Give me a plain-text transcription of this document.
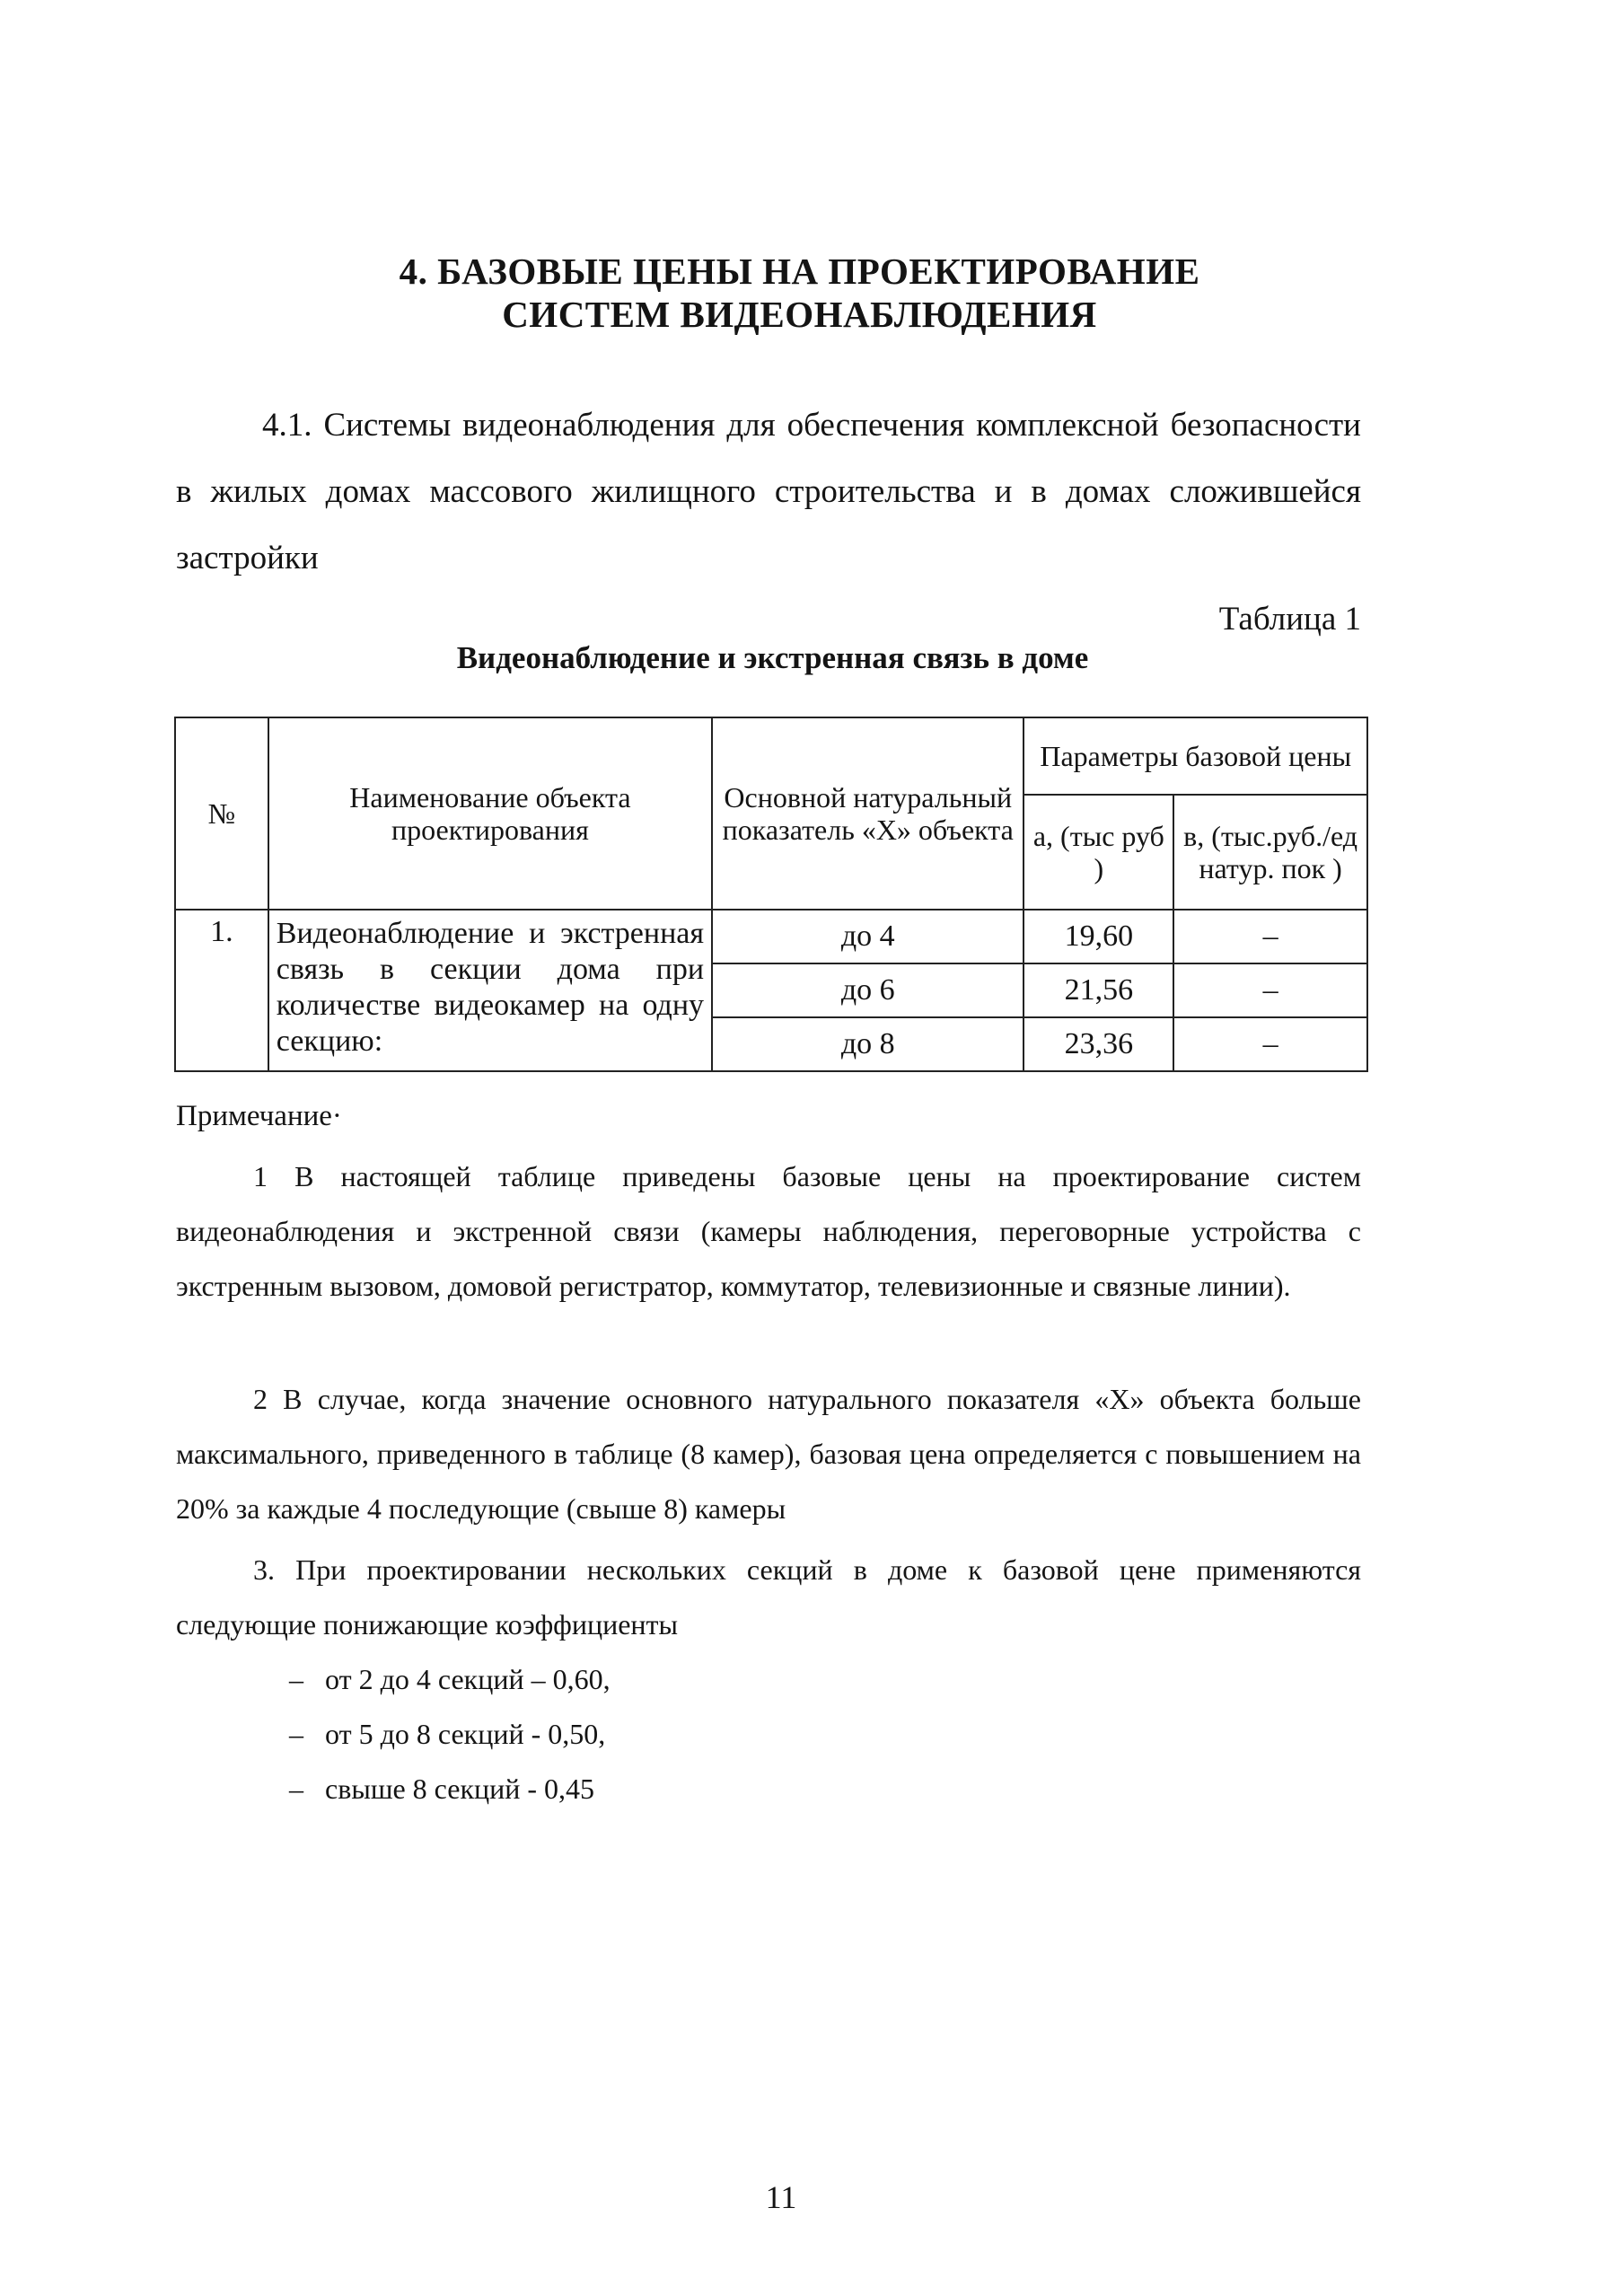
4. БАЗОВЫЕ ЦЕНЫ НА ПРОЕКТИРОВАНИЕ
СИСТЕМ ВИДЕОНАБЛЮДЕНИЯ
4.1. Системы видеонаблюдения для обеспечения комплексной безопасности в жилых домах массового жилищного строительства и в домах сложившейся застройки
Таблица 1
Видеонаблюдение и экстренная связь в доме
№	Наименование объекта проектирования	Основной натуральный показатель «X» объекта	Параметры базовой цены	
			а, (тыс руб )	в, (тыс.руб./ед натур. пок )
1.	Видеонаблюдение и экстренная связь в секции дома при количестве видеокамер на одну секцию:	до 4	19,60	–
		до 6	21,56	–
		до 8	23,36	–
Примечание·
1 В настоящей таблице приведены базовые цены на проектирование систем видеонаблюдения и экстренной связи (камеры наблюдения, переговорные устройства с экстренным вызовом, домовой регистратор, коммутатор, телевизионные и связные линии).
2 В случае, когда значение основного натурального показателя «X» объекта больше максимального, приведенного в таблице (8 камер), базовая цена определяется с повышением на 20% за каждые 4 последующие (свыше 8) камеры
3. При проектировании нескольких секций в доме к базовой цене применяются следующие понижающие коэффициенты
– от 2 до 4 секций – 0,60,
– от 5 до 8 секций - 0,50,
– свыше 8 секций - 0,45
11
